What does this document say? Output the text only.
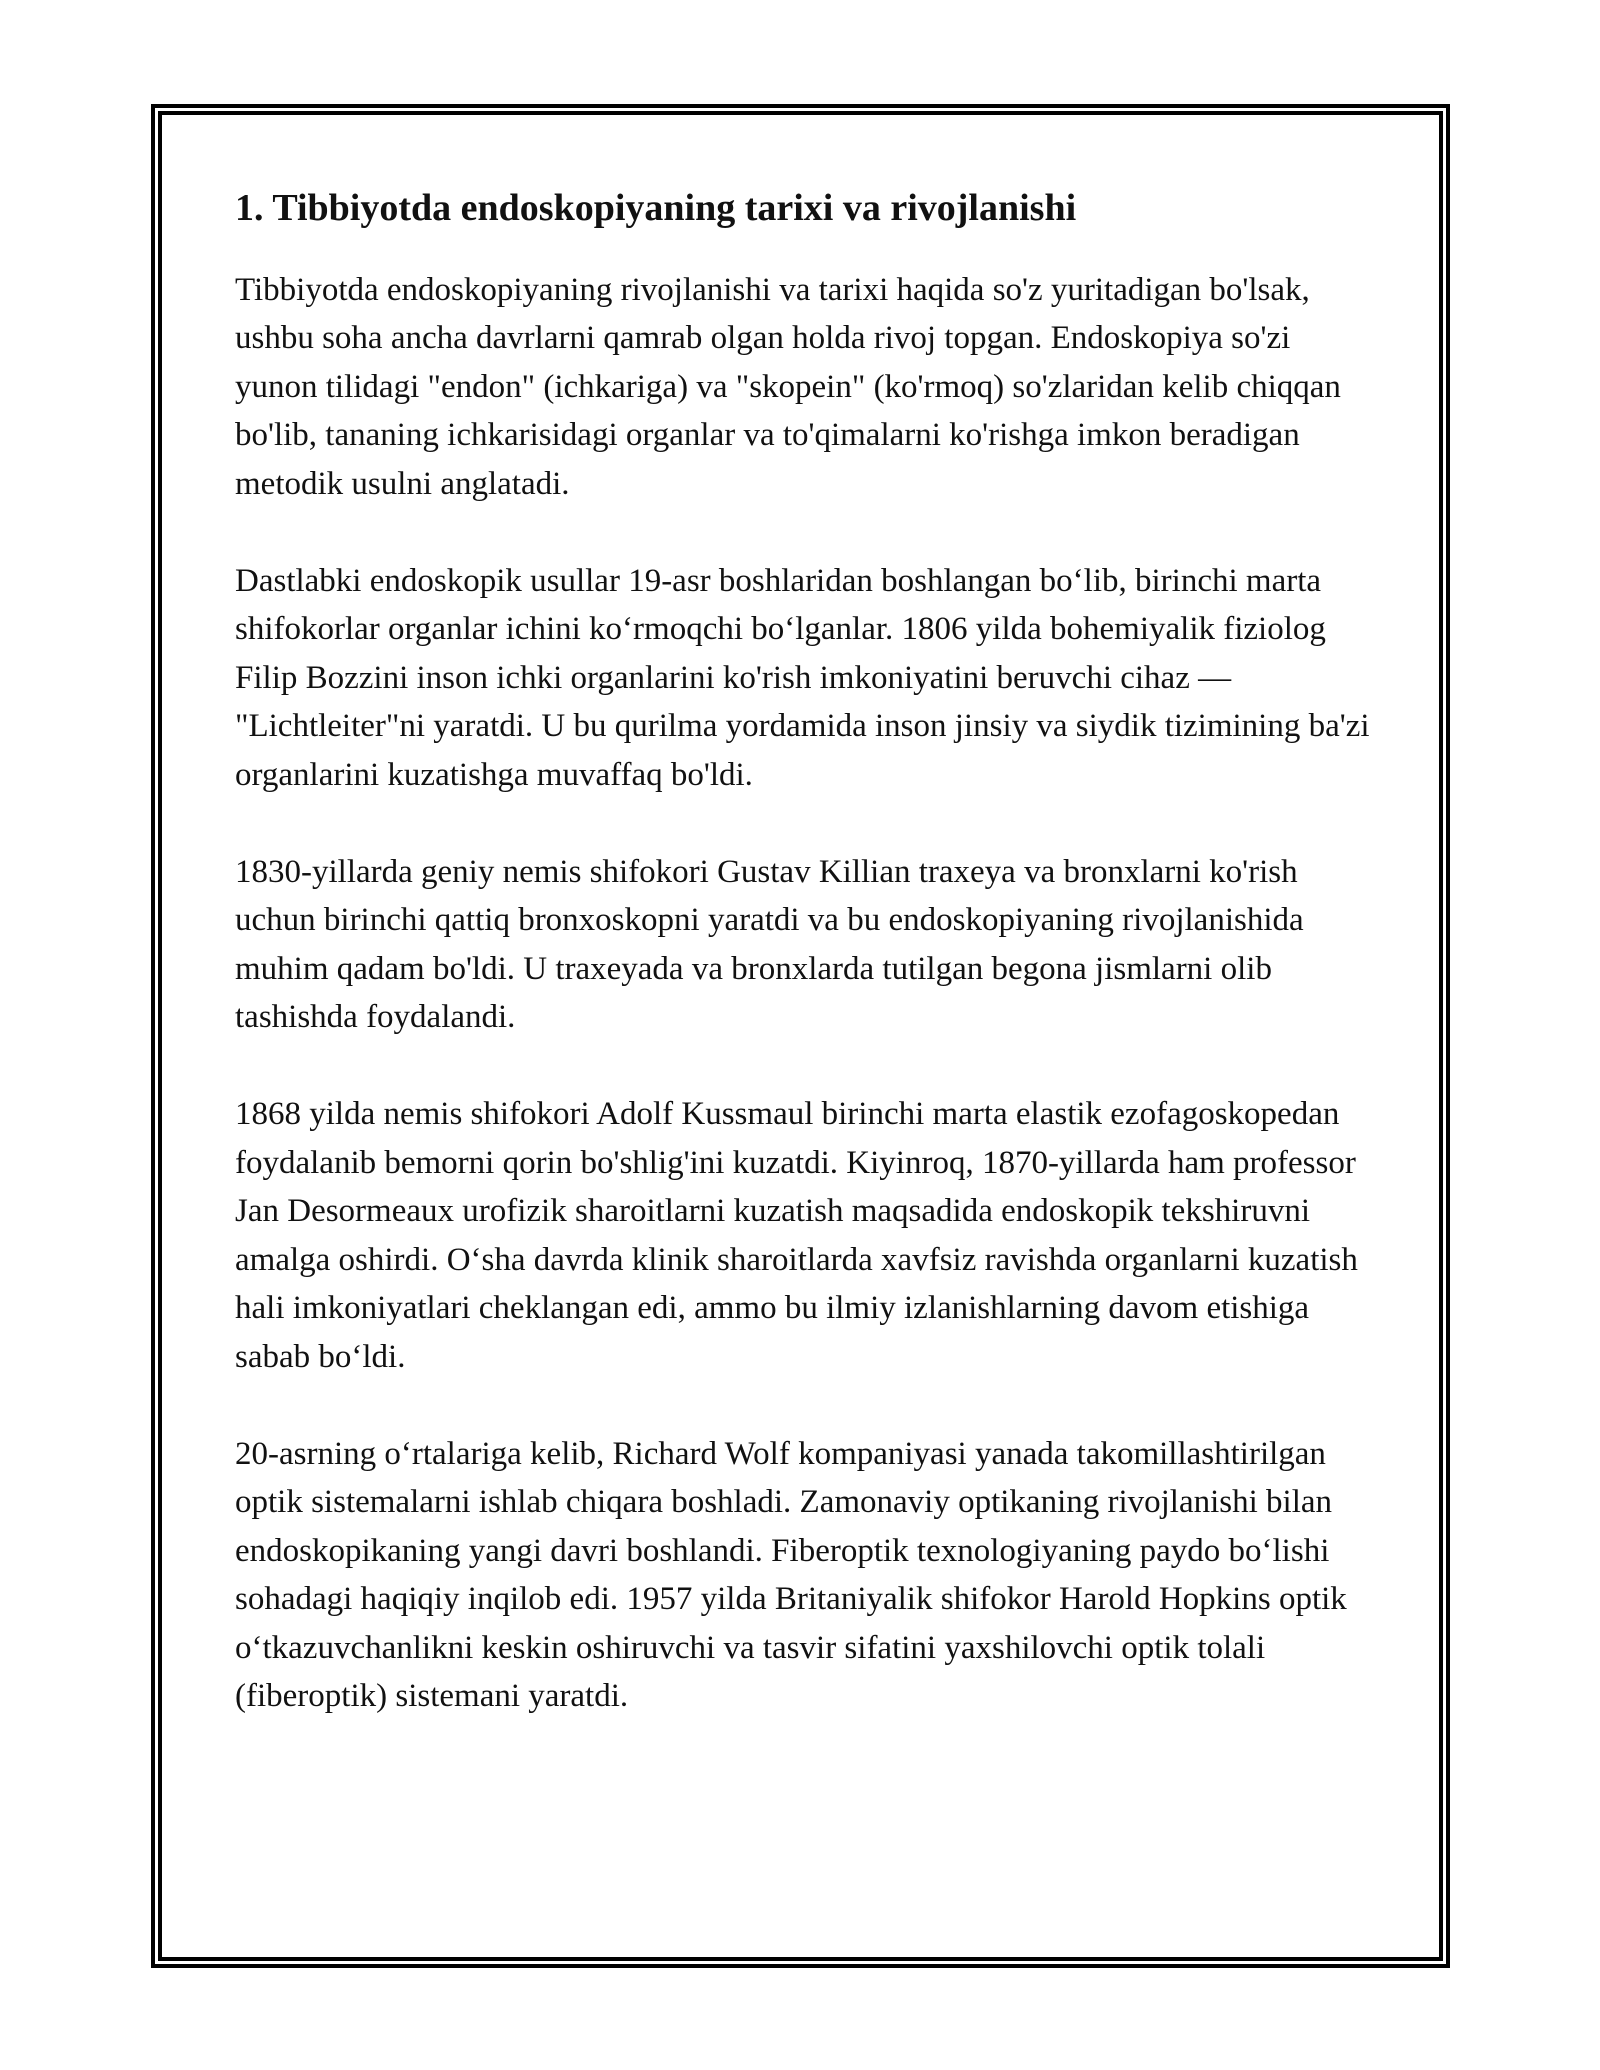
1. Tibbiyotda endoskopiyaning tarixi va rivojlanishi

Tibbiyotda endoskopiyaning rivojlanishi va tarixi haqida so'z yuritadigan bo'lsak, ushbu soha ancha davrlarni qamrab olgan holda rivoj topgan. Endoskopiya so'zi yunon tilidagi "endon" (ichkariga) va "skopein" (ko'rmoq) so'zlaridan kelib chiqqan bo'lib, tananing ichkarisidagi organlar va to'qimalarni ko'rishga imkon beradigan metodik usulni anglatadi.

Dastlabki endoskopik usullar 19-asr boshlaridan boshlangan bo‘lib, birinchi marta shifokorlar organlar ichini ko‘rmoqchi bo‘lganlar. 1806 yilda bohemiyalik fiziolog Filip Bozzini inson ichki organlarini ko'rish imkoniyatini beruvchi cihaz — "Lichtleiter"ni yaratdi. U bu qurilma yordamida inson jinsiy va siydik tizimining ba'zi organlarini kuzatishga muvaffaq bo'ldi.

1830-yillarda geniy nemis shifokori Gustav Killian traxeya va bronxlarni ko'rish uchun birinchi qattiq bronxoskopni yaratdi va bu endoskopiyaning rivojlanishida muhim qadam bo'ldi. U traxeyada va bronxlarda tutilgan begona jismlarni olib tashishda foydalandi.

1868 yilda nemis shifokori Adolf Kussmaul birinchi marta elastik ezofagoskopedan foydalanib bemorni qorin bo'shlig'ini kuzatdi. Kiyinroq, 1870-yillarda ham professor Jan Desormeaux urofizik sharoitlarni kuzatish maqsadida endoskopik tekshiruvni amalga oshirdi. O‘sha davrda klinik sharoitlarda xavfsiz ravishda organlarni kuzatish hali imkoniyatlari cheklangan edi, ammo bu ilmiy izlanishlarning davom etishiga sabab bo‘ldi.

20-asrning o‘rtalariga kelib, Richard Wolf kompaniyasi yanada takomillashtirilgan optik sistemalarni ishlab chiqara boshladi. Zamonaviy optikaning rivojlanishi bilan endoskopikaning yangi davri boshlandi. Fiberoptik texnologiyaning paydo bo‘lishi sohadagi haqiqiy inqilob edi. 1957 yilda Britaniyalik shifokor Harold Hopkins optik o‘tkazuvchanlikni keskin oshiruvchi va tasvir sifatini yaxshilovchi optik tolali (fiberoptik) sistemani yaratdi.
